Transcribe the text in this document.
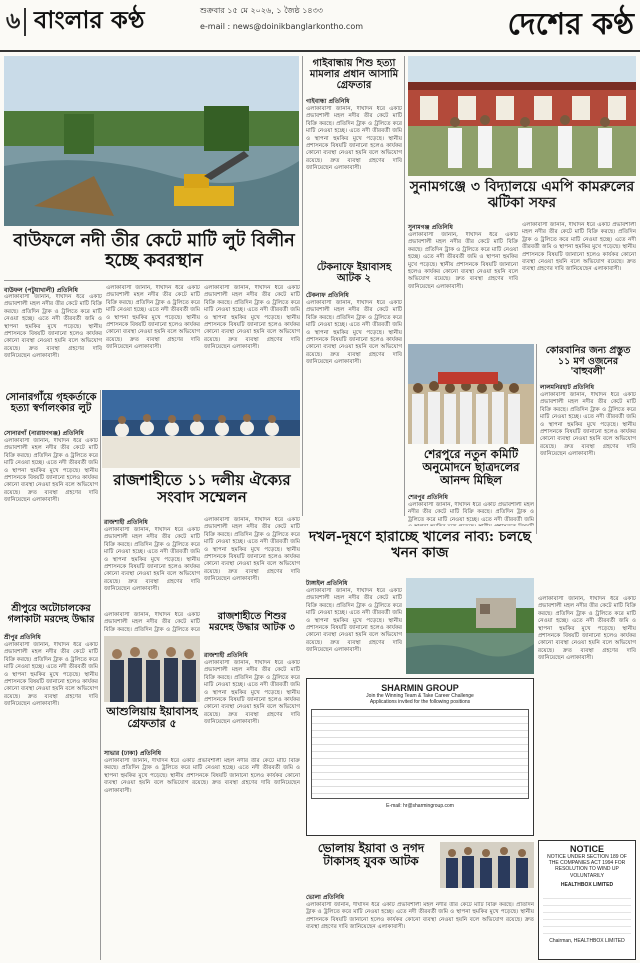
৬ বাংলার কণ্ঠ	শুক্রবার ১৫ মে ২০২৬, ১ জৈষ্ঠ ১৪৩৩
e-mail : news@doinikbanglarkontho.com	দেশের কণ্ঠ
বাউফলে নদী তীর কেটে মাটি লুট বিলীন হচ্ছে কবরস্থান
বাউফল (পটুয়াখালী) প্রতিনিধি
এলাকাবাসী জানান, দীর্ঘদিন ধরে একটি প্রভাবশালী মহল নদীর তীর কেটে মাটি বিক্রি করছে। প্রতিদিন ট্রাক ও ট্রলিতে করে মাটি নেওয়া হচ্ছে। এতে নদী তীরবর্তী জমি ও স্থাপনা হুমকির মুখে পড়েছে। স্থানীয় প্রশাসনকে বিষয়টি জানানো হলেও কার্যকর কোনো ব্যবস্থা নেওয়া হয়নি বলে অভিযোগ রয়েছে। দ্রুত ব্যবস্থা গ্রহণের দাবি জানিয়েছেন এলাকাবাসী।
এলাকাবাসী জানান, দীর্ঘদিন ধরে একটি প্রভাবশালী মহল নদীর তীর কেটে মাটি বিক্রি করছে। প্রতিদিন ট্রাক ও ট্রলিতে করে মাটি নেওয়া হচ্ছে। এতে নদী তীরবর্তী জমি ও স্থাপনা হুমকির মুখে পড়েছে। স্থানীয় প্রশাসনকে বিষয়টি জানানো হলেও কার্যকর কোনো ব্যবস্থা নেওয়া হয়নি বলে অভিযোগ রয়েছে। দ্রুত ব্যবস্থা গ্রহণের দাবি জানিয়েছেন এলাকাবাসী।
এলাকাবাসী জানান, দীর্ঘদিন ধরে একটি প্রভাবশালী মহল নদীর তীর কেটে মাটি বিক্রি করছে। প্রতিদিন ট্রাক ও ট্রলিতে করে মাটি নেওয়া হচ্ছে। এতে নদী তীরবর্তী জমি ও স্থাপনা হুমকির মুখে পড়েছে। স্থানীয় প্রশাসনকে বিষয়টি জানানো হলেও কার্যকর কোনো ব্যবস্থা নেওয়া হয়নি বলে অভিযোগ রয়েছে। দ্রুত ব্যবস্থা গ্রহণের দাবি জানিয়েছেন এলাকাবাসী।
সোনারগাঁয়ে গৃহকর্তাকে হত্যা স্বর্ণালংকার লুট
সোনারগাঁ (নারায়ণগঞ্জ) প্রতিনিধি
এলাকাবাসী জানান, দীর্ঘদিন ধরে একটি প্রভাবশালী মহল নদীর তীর কেটে মাটি বিক্রি করছে। প্রতিদিন ট্রাক ও ট্রলিতে করে মাটি নেওয়া হচ্ছে। এতে নদী তীরবর্তী জমি ও স্থাপনা হুমকির মুখে পড়েছে। স্থানীয় প্রশাসনকে বিষয়টি জানানো হলেও কার্যকর কোনো ব্যবস্থা নেওয়া হয়নি বলে অভিযোগ রয়েছে। দ্রুত ব্যবস্থা গ্রহণের দাবি জানিয়েছেন এলাকাবাসী।
রাজশাহীতে ১১ দলীয় ঐক্যের সংবাদ সম্মেলন
রাজশাহী প্রতিনিধি
এলাকাবাসী জানান, দীর্ঘদিন ধরে একটি প্রভাবশালী মহল নদীর তীর কেটে মাটি বিক্রি করছে। প্রতিদিন ট্রাক ও ট্রলিতে করে মাটি নেওয়া হচ্ছে। এতে নদী তীরবর্তী জমি ও স্থাপনা হুমকির মুখে পড়েছে। স্থানীয় প্রশাসনকে বিষয়টি জানানো হলেও কার্যকর কোনো ব্যবস্থা নেওয়া হয়নি বলে অভিযোগ রয়েছে। দ্রুত ব্যবস্থা গ্রহণের দাবি জানিয়েছেন এলাকাবাসী।
এলাকাবাসী জানান, দীর্ঘদিন ধরে একটি প্রভাবশালী মহল নদীর তীর কেটে মাটি বিক্রি করছে। প্রতিদিন ট্রাক ও ট্রলিতে করে মাটি নেওয়া হচ্ছে। এতে নদী তীরবর্তী জমি ও স্থাপনা হুমকির মুখে পড়েছে। স্থানীয় প্রশাসনকে বিষয়টি জানানো হলেও কার্যকর কোনো ব্যবস্থা নেওয়া হয়নি বলে অভিযোগ রয়েছে। দ্রুত ব্যবস্থা গ্রহণের দাবি জানিয়েছেন এলাকাবাসী।
শ্রীপুরে অটোচালকের গলাকাটা মরদেহ উদ্ধার
শ্রীপুর প্রতিনিধি
এলাকাবাসী জানান, দীর্ঘদিন ধরে একটি প্রভাবশালী মহল নদীর তীর কেটে মাটি বিক্রি করছে। প্রতিদিন ট্রাক ও ট্রলিতে করে মাটি নেওয়া হচ্ছে। এতে নদী তীরবর্তী জমি ও স্থাপনা হুমকির মুখে পড়েছে। স্থানীয় প্রশাসনকে বিষয়টি জানানো হলেও কার্যকর কোনো ব্যবস্থা নেওয়া হয়নি বলে অভিযোগ রয়েছে। দ্রুত ব্যবস্থা গ্রহণের দাবি জানিয়েছেন এলাকাবাসী।
রাজশাহীতে শিশুর মরদেহ উদ্ধার আটক ৩
রাজশাহী প্রতিনিধি
এলাকাবাসী জানান, দীর্ঘদিন ধরে একটি প্রভাবশালী মহল নদীর তীর কেটে মাটি বিক্রি করছে। প্রতিদিন ট্রাক ও ট্রলিতে করে মাটি নেওয়া হচ্ছে। এতে নদী তীরবর্তী জমি ও স্থাপনা হুমকির মুখে পড়েছে। স্থানীয় প্রশাসনকে বিষয়টি জানানো হলেও কার্যকর কোনো ব্যবস্থা নেওয়া হয়নি বলে অভিযোগ রয়েছে। দ্রুত ব্যবস্থা গ্রহণের দাবি জানিয়েছেন এলাকাবাসী।
এলাকাবাসী জানান, দীর্ঘদিন ধরে একটি প্রভাবশালী মহল নদীর তীর কেটে মাটি বিক্রি করছে। প্রতিদিন ট্রাক ও ট্রলিতে করে
আশুলিয়ায় ইয়াবাসহ গ্রেফতার ৫
সাভার (ঢাকা) প্রতিনিধি
এলাকাবাসী জানান, দীর্ঘদিন ধরে একটি প্রভাবশালী মহল নদীর তীর কেটে মাটি বিক্রি করছে। প্রতিদিন ট্রাক ও ট্রলিতে করে মাটি নেওয়া হচ্ছে। এতে নদী তীরবর্তী জমি ও স্থাপনা হুমকির মুখে পড়েছে। স্থানীয় প্রশাসনকে বিষয়টি জানানো হলেও কার্যকর কোনো ব্যবস্থা নেওয়া হয়নি বলে অভিযোগ রয়েছে। দ্রুত ব্যবস্থা গ্রহণের দাবি জানিয়েছেন এলাকাবাসী।
গাইবান্ধায় শিশু হত্যা মামলার প্রধান আসামি গ্রেফতার
গাইবান্ধা প্রতিনিধি
এলাকাবাসী জানান, দীর্ঘদিন ধরে একটি প্রভাবশালী মহল নদীর তীর কেটে মাটি বিক্রি করছে। প্রতিদিন ট্রাক ও ট্রলিতে করে মাটি নেওয়া হচ্ছে। এতে নদী তীরবর্তী জমি ও স্থাপনা হুমকির মুখে পড়েছে। স্থানীয় প্রশাসনকে বিষয়টি জানানো হলেও কার্যকর কোনো ব্যবস্থা নেওয়া হয়নি বলে অভিযোগ রয়েছে। দ্রুত ব্যবস্থা গ্রহণের দাবি জানিয়েছেন এলাকাবাসী।
টেকনাফে ইয়াবাসহ আটক ২
টেকনাফ প্রতিনিধি
এলাকাবাসী জানান, দীর্ঘদিন ধরে একটি প্রভাবশালী মহল নদীর তীর কেটে মাটি বিক্রি করছে। প্রতিদিন ট্রাক ও ট্রলিতে করে মাটি নেওয়া হচ্ছে। এতে নদী তীরবর্তী জমি ও স্থাপনা হুমকির মুখে পড়েছে। স্থানীয় প্রশাসনকে বিষয়টি জানানো হলেও কার্যকর কোনো ব্যবস্থা নেওয়া হয়নি বলে অভিযোগ রয়েছে। দ্রুত ব্যবস্থা গ্রহণের দাবি জানিয়েছেন এলাকাবাসী।
সুনামগঞ্জে ৩ বিদ্যালয়ে এমপি কামরুলের ঝটিকা সফর
সুনামগঞ্জ প্রতিনিধি
এলাকাবাসী জানান, দীর্ঘদিন ধরে একটি প্রভাবশালী মহল নদীর তীর কেটে মাটি বিক্রি করছে। প্রতিদিন ট্রাক ও ট্রলিতে করে মাটি নেওয়া হচ্ছে। এতে নদী তীরবর্তী জমি ও স্থাপনা হুমকির মুখে পড়েছে। স্থানীয় প্রশাসনকে বিষয়টি জানানো হলেও কার্যকর কোনো ব্যবস্থা নেওয়া হয়নি বলে অভিযোগ রয়েছে। দ্রুত ব্যবস্থা গ্রহণের দাবি জানিয়েছেন এলাকাবাসী।
এলাকাবাসী জানান, দীর্ঘদিন ধরে একটি প্রভাবশালী মহল নদীর তীর কেটে মাটি বিক্রি করছে। প্রতিদিন ট্রাক ও ট্রলিতে করে মাটি নেওয়া হচ্ছে। এতে নদী তীরবর্তী জমি ও স্থাপনা হুমকির মুখে পড়েছে। স্থানীয় প্রশাসনকে বিষয়টি জানানো হলেও কার্যকর কোনো ব্যবস্থা নেওয়া হয়নি বলে অভিযোগ রয়েছে। দ্রুত ব্যবস্থা গ্রহণের দাবি জানিয়েছেন এলাকাবাসী।
শেরপুরে নতুন কমিটি অনুমোদনে ছাত্রদলের আনন্দ মিছিল
শেরপুর প্রতিনিধি
এলাকাবাসী জানান, দীর্ঘদিন ধরে একটি প্রভাবশালী মহল নদীর তীর কেটে মাটি বিক্রি করছে। প্রতিদিন ট্রাক ও ট্রলিতে করে মাটি নেওয়া হচ্ছে। এতে নদী তীরবর্তী জমি
কোরবানির জন্য প্রস্তুত ১১ মণ ওজনের 'বাহুবলী'
লালমনিরহাট প্রতিনিধি
এলাকাবাসী জানান, দীর্ঘদিন ধরে একটি প্রভাবশালী মহল নদীর তীর কেটে মাটি বিক্রি করছে। প্রতিদিন ট্রাক ও ট্রলিতে করে মাটি নেওয়া হচ্ছে। এতে নদী তীরবর্তী জমি ও স্থাপনা হুমকির মুখে পড়েছে। স্থানীয় প্রশাসনকে বিষয়টি জানানো হলেও কার্যকর কোনো ব্যবস্থা নেওয়া হয়নি বলে অভিযোগ রয়েছে। দ্রুত ব্যবস্থা গ্রহণের দাবি জানিয়েছেন এলাকাবাসী।
দখল-দূষণে হারাচ্ছে খালের নাব্য: চলছে খনন কাজ
টাঙ্গাইল প্রতিনিধি
এলাকাবাসী জানান, দীর্ঘদিন ধরে একটি প্রভাবশালী মহল নদীর তীর কেটে মাটি বিক্রি করছে। প্রতিদিন ট্রাক ও ট্রলিতে করে মাটি নেওয়া হচ্ছে। এতে নদী তীরবর্তী জমি ও স্থাপনা হুমকির মুখে পড়েছে। স্থানীয় প্রশাসনকে বিষয়টি জানানো হলেও কার্যকর কোনো ব্যবস্থা নেওয়া হয়নি বলে অভিযোগ রয়েছে। দ্রুত ব্যবস্থা গ্রহণের দাবি জানিয়েছেন এলাকাবাসী।
SHARMIN GROUP
Join the Winning Team & Take Career Challenge
Applications invited for the following positions
E-mail: hr@sharmingroup.com
এলাকাবাসী জানান, দীর্ঘদিন ধরে একটি প্রভাবশালী মহল নদীর তীর কেটে মাটি বিক্রি করছে। প্রতিদিন ট্রাক ও ট্রলিতে করে মাটি নেওয়া হচ্ছে। এতে নদী তীরবর্তী জমি ও স্থাপনা হুমকির মুখে পড়েছে। স্থানীয় প্রশাসনকে বিষয়টি জানানো হলেও কার্যকর কোনো ব্যবস্থা নেওয়া হয়নি বলে অভিযোগ রয়েছে। দ্রুত ব্যবস্থা গ্রহণের দাবি জানিয়েছেন এলাকাবাসী।
NOTICE
NOTICE UNDER SECTION 189 OF THE COMPANIES ACT 1994 FOR RESOLUTION TO WIND UP VOLUNTARILY
HEALTHBOX LIMITED
Chairman, HEALTHBOX LIMITED
ভোলায় ইয়াবা ও নগদ টাকাসহ যুবক আটক
ভোলা প্রতিনিধি
এলাকাবাসী জানান, দীর্ঘদিন ধরে একটি প্রভাবশালী মহল নদীর তীর কেটে মাটি বিক্রি করছে। প্রতিদিন ট্রাক ও ট্রলিতে করে মাটি নেওয়া হচ্ছে। এতে নদী তীরবর্তী জমি ও স্থাপনা হুমকির মুখে পড়েছে। স্থানীয় প্রশাসনকে বিষয়টি জানানো হলেও কার্যকর কোনো ব্যবস্থা নেওয়া হয়নি বলে অভিযোগ রয়েছে। দ্রুত ব্যবস্থা গ্রহণের দাবি জানিয়েছেন এলাকাবাসী।
